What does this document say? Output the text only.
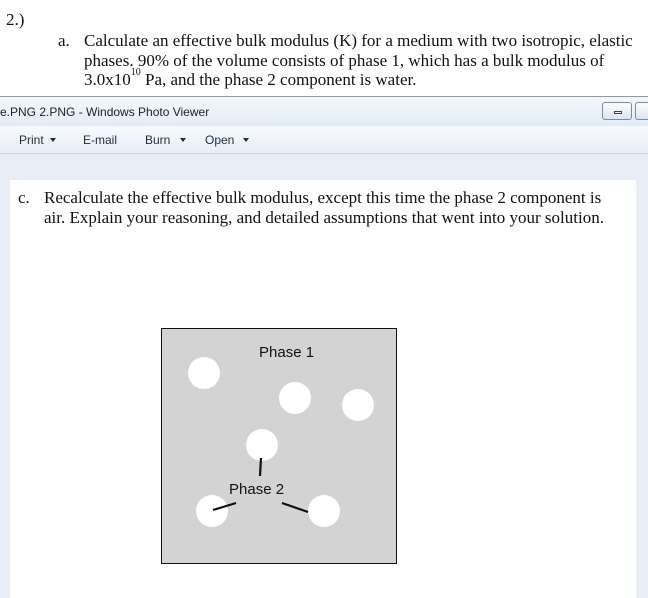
2.)
a. Calculate an effective bulk modulus (K) for a medium with two isotropic, elastic
phases. 90% of the volume consists of phase 1, which has a bulk modulus of
$3.0x10^{10}$ Pa, and the phase 2 component is water.
e.PNG 2.PNG - Windows Photo Viewer
Print	E-mail Burn	Open
c. Recalculate the effective bulk modulus, except this time the phase 2 component is
air. Explain your reasoning, and detailed assumptions that went into your solution.
Phase 1
Phase 2
